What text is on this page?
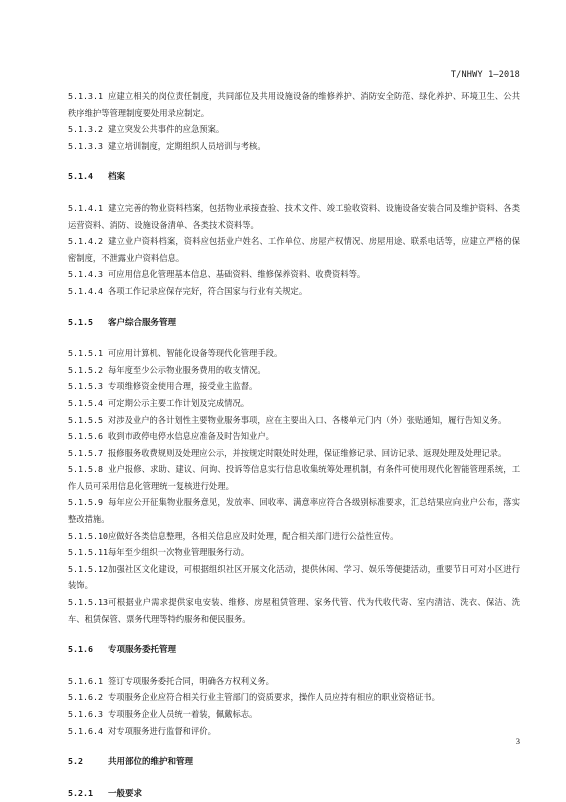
T/NHWY 1—2018
5.1.3.1 应建立相关的岗位责任制度，共同部位及共用设施设备的维修养护、消防安全防范、绿化养护、环境卫生、公共秩序维护等管理制度要处用录应制定。
5.1.3.2 建立突发公共事件的应急预案。
5.1.3.3 建立培训制度，定期组织人员培训与考核。
5.1.4 档案
5.1.4.1 建立完善的物业资料档案，包括物业承接查验、技术文件、竣工验收资料、设施设备安装合同及维护资料、各类运营资料、消防、设施设备清单、各类技术资料等。
5.1.4.2 建立业户资料档案，资料应包括业户姓名、工作单位、房屋产权情况、房屋用途、联系电话等，应建立严格的保密制度，不泄露业户资料信息。
5.1.4.3 可应用信息化管理基本信息、基础资料、维修保养资料、收费资料等。
5.1.4.4 各项工作记录应保存完好，符合国家与行业有关规定。
5.1.5 客户综合服务管理
5.1.5.1 可应用计算机、智能化设备等现代化管理手段。
5.1.5.2 每年度至少公示物业服务费用的收支情况。
5.1.5.3 专项维修资金使用合理，接受业主监督。
5.1.5.4 可定期公示主要工作计划及完成情况。
5.1.5.5 对涉及业户的各计划性主要物业服务事项，应在主要出入口、各楼单元门内（外）张贴通知，履行告知义务。
5.1.5.6 收到市政停电停水信息应准备及时告知业户。
5.1.5.7 报修服务收费规则及处理应公示，并按规定时限处时处理，保证维修记录、回访记录、返现处理及处理记录。
5.1.5.8 业户报修、求助、建议、问询、投诉等信息实行信息收集统筹处理机制，有条件可使用现代化智能管理系统，工作人员可采用信息化管理统一复核进行处理。
5.1.5.9 每年应公开征集物业服务意见，发放率、回收率、满意率应符合各级别标准要求，汇总结果应向业户公布，落实整改措施。
5.1.5.10应做好各类信息整理，各相关信息应及时处理，配合相关部门进行公益性宣传。
5.1.5.11每年至少组织一次物业管理服务行动。
5.1.5.12加强社区文化建设，可根据组织社区开展文化活动，提供休闲、学习、娱乐等便捷活动，重要节日可对小区进行装饰。
5.1.5.13可根据业户需求提供家电安装、维修、房屋租赁管理、家务代管、代为代收代寄、室内清洁、洗衣、保洁、洗车、租赁保管、票务代理等特约服务和便民服务。
5.1.6 专项服务委托管理
5.1.6.1 签订专项服务委托合同，明确各方权利义务。
5.1.6.2 专项服务企业应符合相关行业主管部门的资质要求，操作人员应持有相应的职业资格证书。
5.1.6.3 专项服务企业人员统一着装，佩戴标志。
5.1.6.4 对专项服务进行监督和评价。
5.2	共用部位的维护和管理
5.2.1 一般要求
3
